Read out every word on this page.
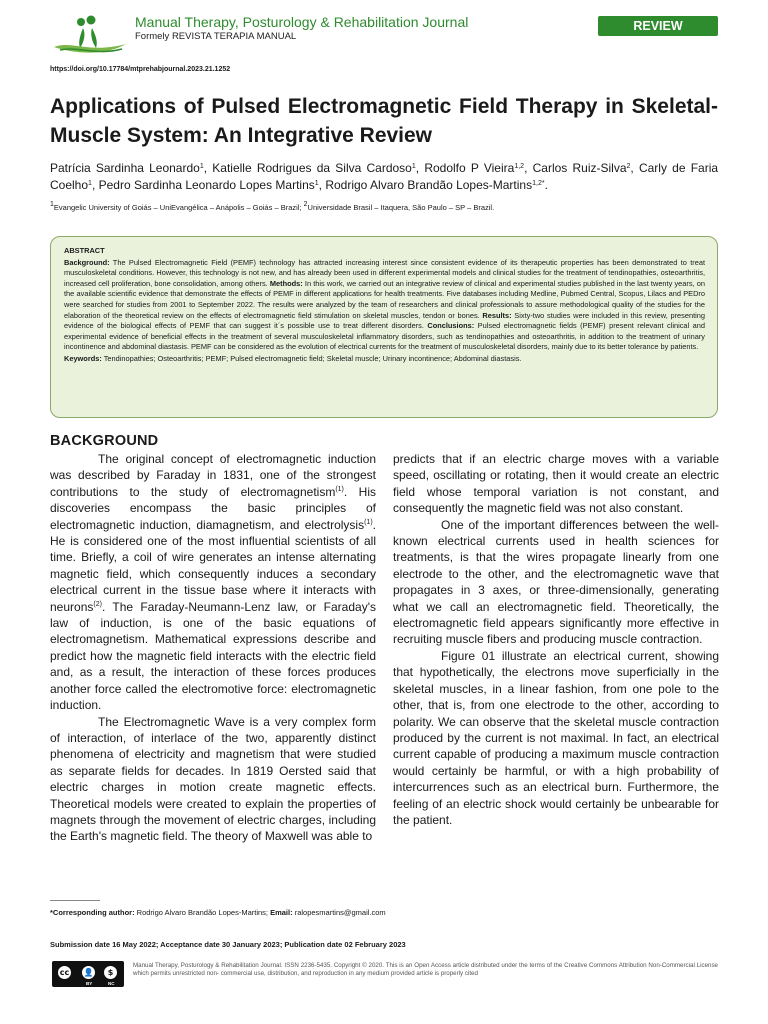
Manual Therapy, Posturology & Rehabilitation Journal
Formely REVISTA TERAPIA MANUAL
REVIEW
https://doi.org/10.17784/mtprehabjournal.2023.21.1252
Applications of Pulsed Electromagnetic Field Therapy in Skeletal-Muscle System: An Integrative Review
Patrícia Sardinha Leonardo$^1$, Katielle Rodrigues da Silva Cardoso$^1$, Rodolfo P Vieira$^{1,2}$, Carlos Ruiz-Silva$^2$, Carly de Faria Coelho$^1$, Pedro Sardinha Leonardo Lopes Martins$^1$, Rodrigo Alvaro Brandão Lopes-Martins$^{1,2*}$.
$^1$Evangelic University of Goiás – UniEvangélica – Anápolis – Goiás – Brazil; $^2$Universidade Brasil – Itaquera, São Paulo – SP – Brazil.
ABSTRACT
Background: The Pulsed Electromagnetic Field (PEMF) technology has attracted increasing interest since consistent evidence of its therapeutic properties has been demonstrated to treat musculoskeletal conditions. However, this technology is not new, and has already been used in different experimental models and clinical studies for the treatment of tendinopathies, osteoarthritis, increased cell proliferation, bone consolidation, among others. Methods: In this work, we carried out an integrative review of clinical and experimental studies published in the last twenty years, on the available scientific evidence that demonstrate the effects of PEMF in different applications for health treatments. Five databases including Medline, Pubmed Central, Scopus, Lilacs and PEDro were searched for studies from 2001 to September 2022. The results were analyzed by the team of researchers and clinical professionals to assure methodological quality of the studies for the elaboration of the theoretical review on the effects of electromagnetic field stimulation on skeletal muscles, tendon or bones. Results: Sixty-two studies were included in this review, presenting evidence of the biological effects of PEMF that can suggest it´s possible use to treat different disorders. Conclusions: Pulsed electromagnetic fields (PEMF) present relevant clinical and experimental evidence of beneficial effects in the treatment of several musculoskeletal inflammatory disorders, such as tendinopathies and osteoarthritis, in addition to the treatment of urinary incontinence and abdominal diastasis. PEMF can be considered as the evolution of electrical currents for the treatment of musculoskeletal disorders, mainly due to its better tolerance by patients.
Keywords: Tendinopathies; Osteoarthritis; PEMF; Pulsed electromagnetic field; Skeletal muscle; Urinary incontinence; Abdominal diastasis.
BACKGROUND

The original concept of electromagnetic induction was described by Faraday in 1831, one of the strongest contributions to the study of electromagnetism$^{(1)}$. His discoveries encompass the basic principles of electromagnetic induction, diamagnetism, and electrolysis$^{(1)}$. He is considered one of the most influential scientists of all time. Briefly, a coil of wire generates an intense alternating magnetic field, which consequently induces a secondary electrical current in the tissue base where it interacts with neurons$^{(2)}$. The Faraday-Neumann-Lenz law, or Faraday's law of induction, is one of the basic equations of electromagnetism. Mathematical expressions describe and predict how the magnetic field interacts with the electric field and, as a result, the interaction of these forces produces another force called the electromotive force: electromagnetic induction.

The Electromagnetic Wave is a very complex form of interaction, of interlace of the two, apparently distinct phenomena of electricity and magnetism that were studied as separate fields for decades. In 1819 Oersted said that electric charges in motion create magnetic effects. Theoretical models were created to explain the properties of magnets through the movement of electric charges, including the Earth's magnetic field. The theory of Maxwell was able to

predicts that if an electric charge moves with a variable speed, oscillating or rotating, then it would create an electric field whose temporal variation is not constant, and consequently the magnetic field was not also constant.

One of the important differences between the well-known electrical currents used in health sciences for treatments, is that the wires propagate linearly from one electrode to the other, and the electromagnetic wave that propagates in 3 axes, or three-dimensionally, generating what we call an electromagnetic field. Theoretically, the electromagnetic field appears significantly more effective in recruiting muscle fibers and producing muscle contraction.

Figure 01 illustrate an electrical current, showing that hypothetically, the electrons move superficially in the skeletal muscles, in a linear fashion, from one pole to the other, that is, from one electrode to the other, according to polarity. We can observe that the skeletal muscle contraction produced by the current is not maximal. In fact, an electrical current capable of producing a maximum muscle contraction would certainly be harmful, or with a high probability of intercurrences such as an electrical burn. Furthermore, the feeling of an electric shock would certainly be unbearable for the patient.

*Corresponding author: Rodrigo Alvaro Brandão Lopes-Martins; Email: ralopesmartins@gmail.com
Submission date 16 May 2022; Acceptance date 30 January 2023; Publication date 02 February 2023
cc	👤	$
BY	NC
Manual Therapy, Posturology & Rehabilitation Journal. ISSN 2236-5435. Copyright © 2020. This is an Open Access article distributed under the terms of the Creative Commons Attribution Non-Commercial License which permits unrestricted non- commercial use, distribution, and reproduction in any medium provided article is properly cited
